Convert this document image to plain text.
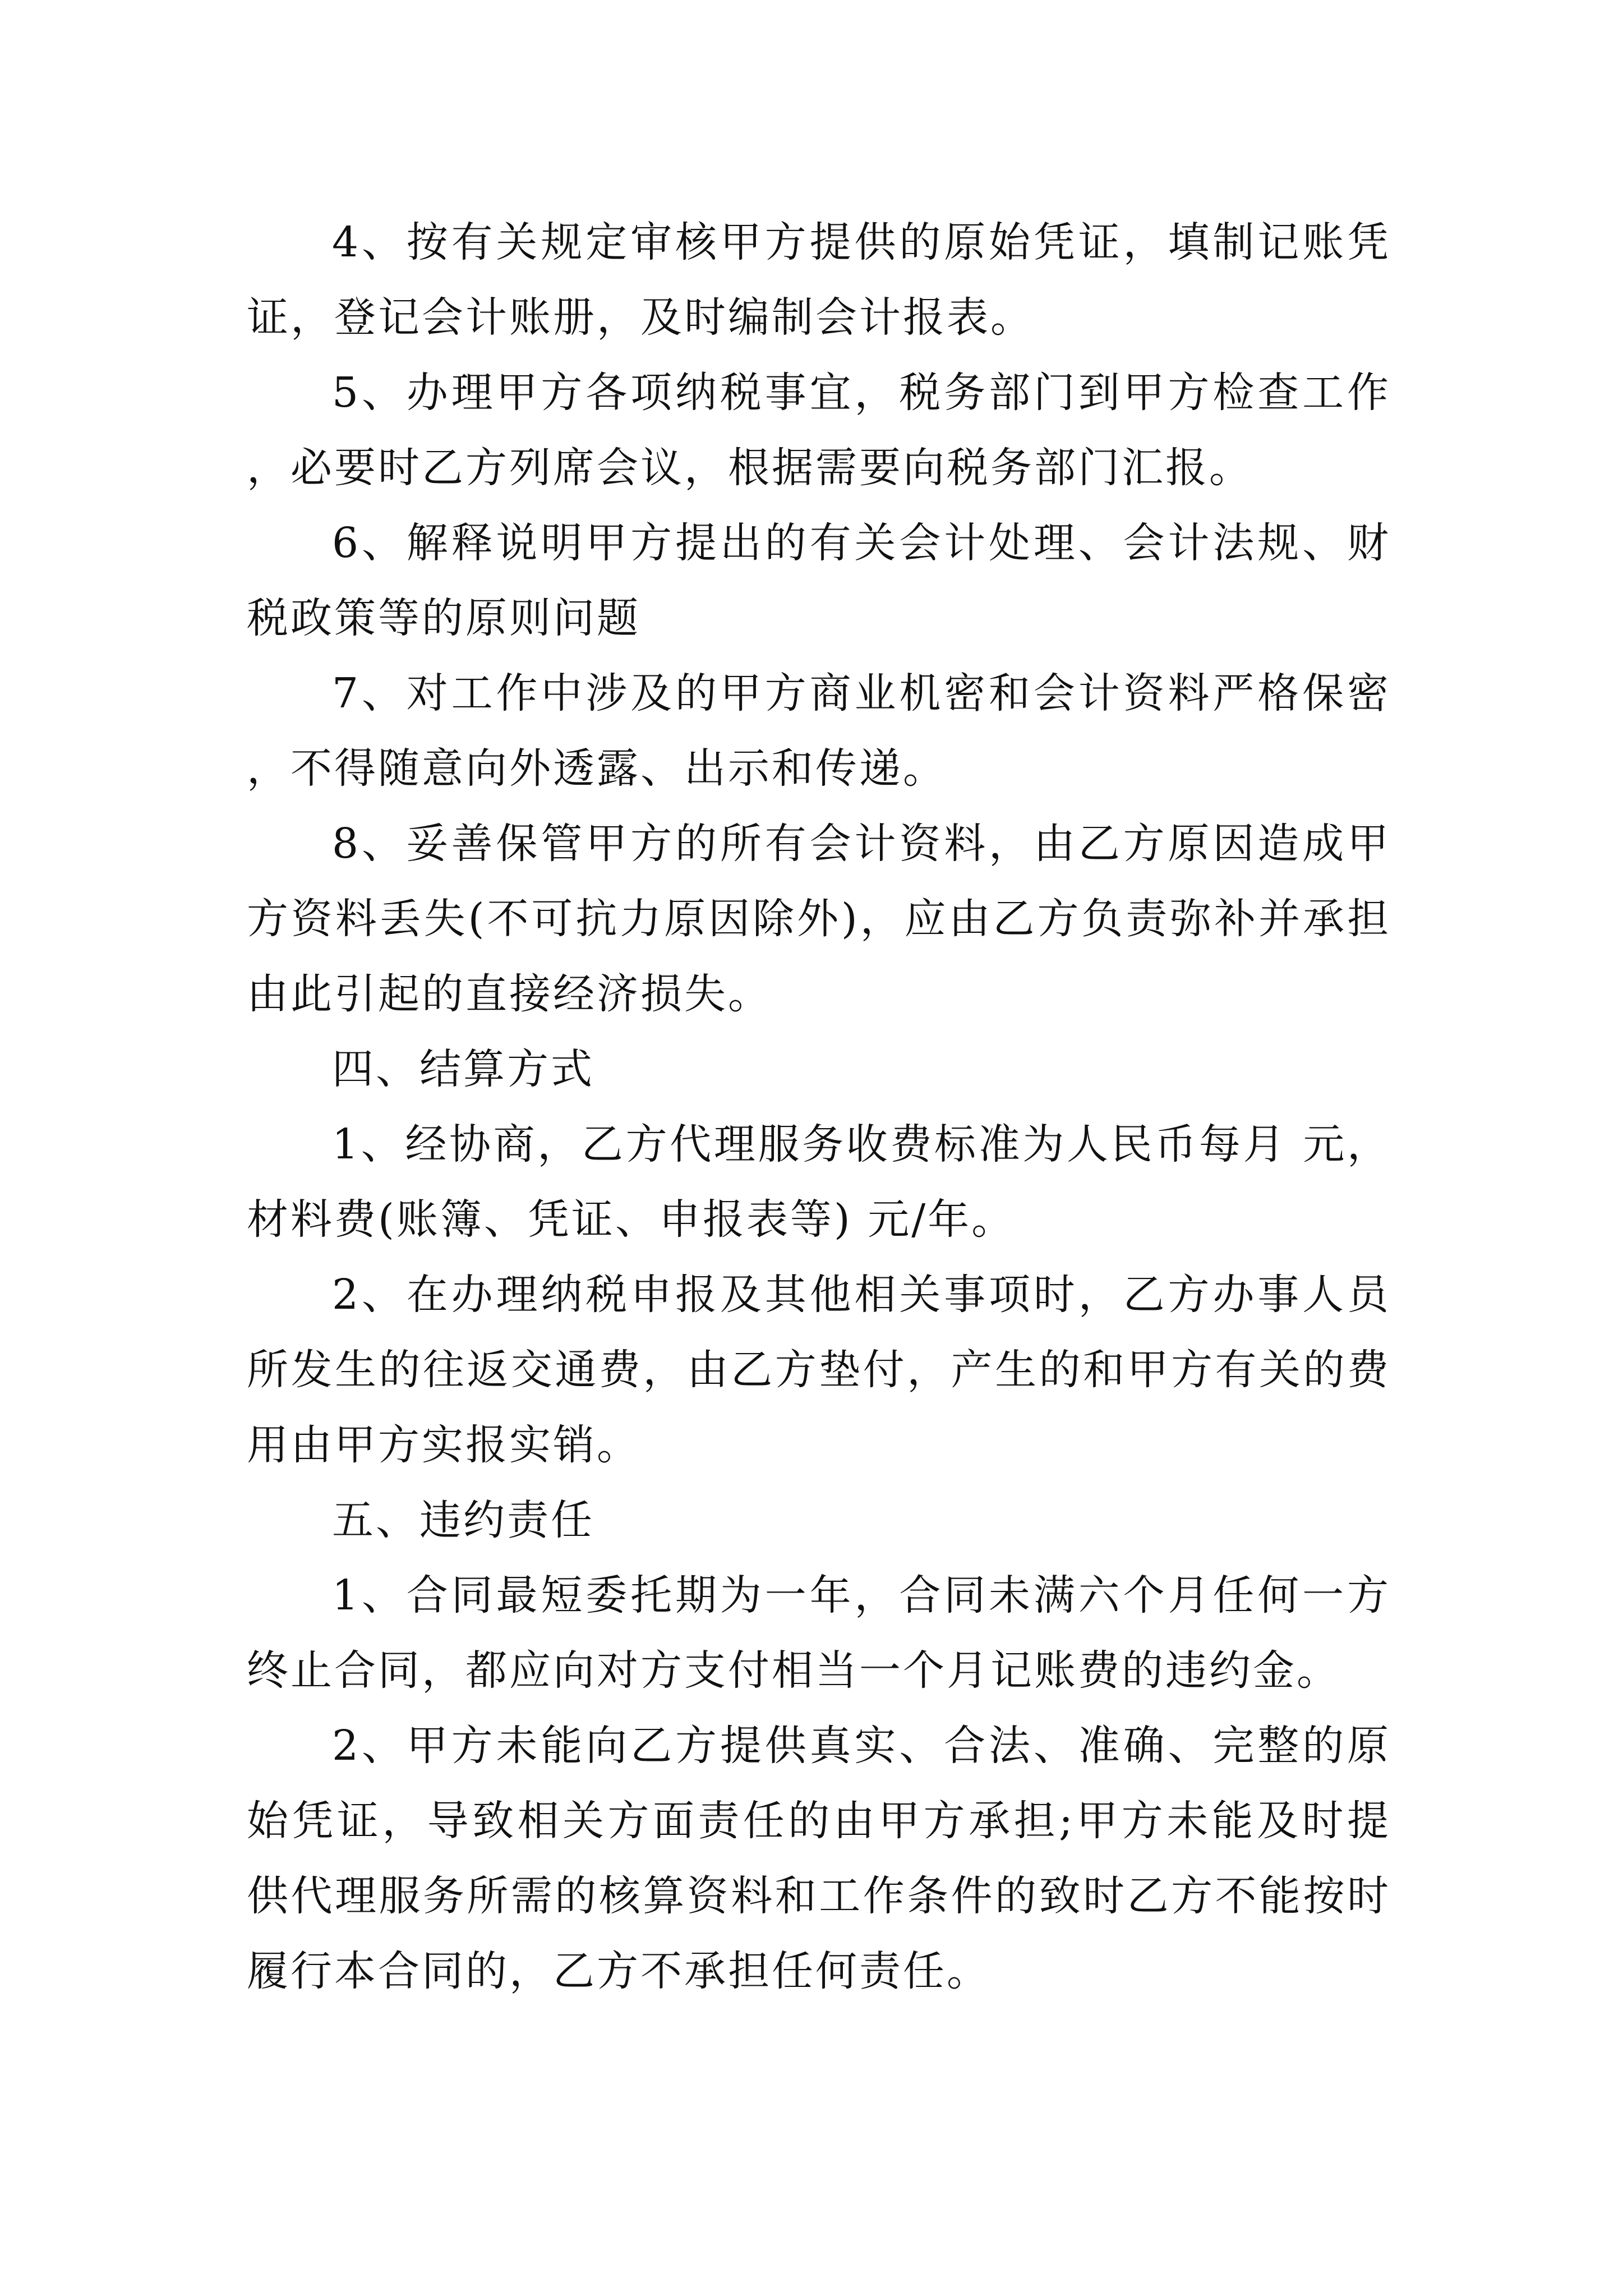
4、按有关规定审核甲方提供的原始凭证，填制记账凭证，登记会计账册，及时编制会计报表。

5、办理甲方各项纳税事宜，税务部门到甲方检查工作，必要时乙方列席会议，根据需要向税务部门汇报。

6、解释说明甲方提出的有关会计处理、会计法规、财税政策等的原则问题

7、对工作中涉及的甲方商业机密和会计资料严格保密，不得随意向外透露、出示和传递。

8、妥善保管甲方的所有会计资料，由乙方原因造成甲方资料丢失(不可抗力原因除外)，应由乙方负责弥补并承担由此引起的直接经济损失。

四、结算方式

1、经协商，乙方代理服务收费标准为人民币每月 元，材料费(账簿、凭证、申报表等) 元/年。

2、在办理纳税申报及其他相关事项时，乙方办事人员所发生的往返交通费，由乙方垫付，产生的和甲方有关的费用由甲方实报实销。

五、违约责任

1、合同最短委托期为一年，合同未满六个月任何一方终止合同，都应向对方支付相当一个月记账费的违约金。

2、甲方未能向乙方提供真实、合法、准确、完整的原始凭证，导致相关方面责任的由甲方承担;甲方未能及时提供代理服务所需的核算资料和工作条件的致时乙方不能按时履行本合同的，乙方不承担任何责任。
